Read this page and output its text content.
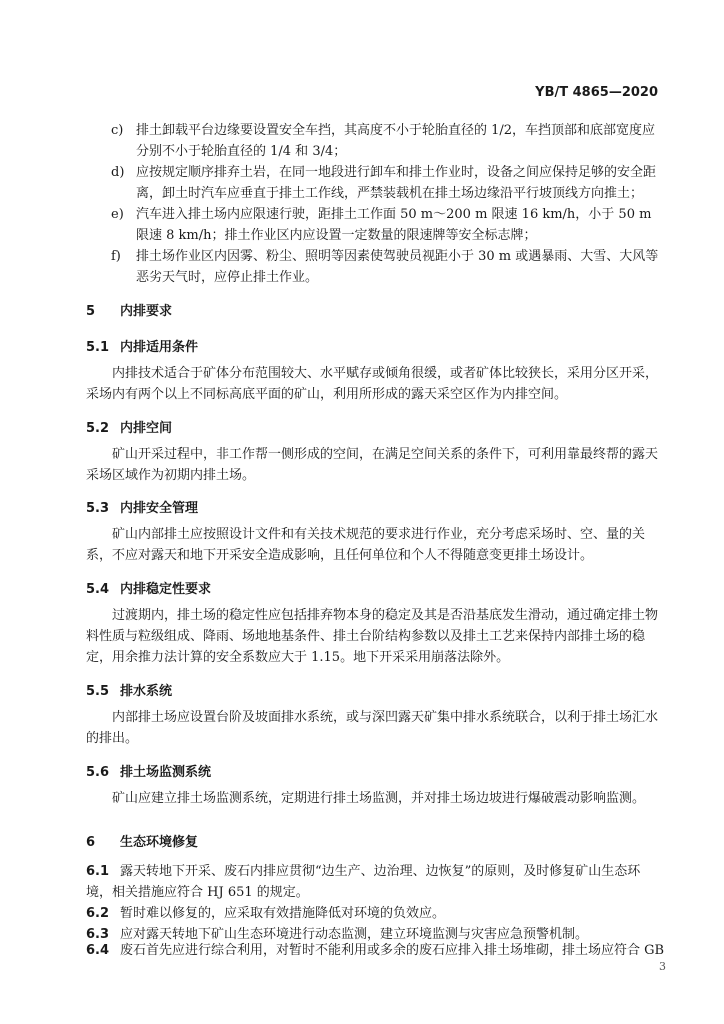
YB/T 4865—2020
c) 排土卸载平台边缘要设置安全车挡，其高度不小于轮胎直径的 1/2，车挡顶部和底部宽度应分别不小于轮胎直径的 1/4 和 3/4；
d) 应按规定顺序排弃土岩，在同一地段进行卸车和排土作业时，设备之间应保持足够的安全距离，卸土时汽车应垂直于排土工作线，严禁装载机在排土场边缘沿平行坡顶线方向推土；
e) 汽车进入排土场内应限速行驶，距排土工作面 50 m～200 m 限速 16 km/h，小于 50 m 限速 8 km/h；排土作业区内应设置一定数量的限速牌等安全标志牌；
f) 排土场作业区内因雾、粉尘、照明等因素使驾驶员视距小于 30 m 或遇暴雨、大雪、大风等恶劣天气时，应停止排土作业。
5 内排要求
5.1 内排适用条件

内排技术适合于矿体分布范围较大、水平赋存或倾角很缓，或者矿体比较狭长，采用分区开采，采场内有两个以上不同标高底平面的矿山，利用所形成的露天采空区作为内排空间。

5.2 内排空间

矿山开采过程中，非工作帮一侧形成的空间，在满足空间关系的条件下，可利用靠最终帮的露天采场区域作为初期内排土场。

5.3 内排安全管理

矿山内部排土应按照设计文件和有关技术规范的要求进行作业，充分考虑采场时、空、量的关系，不应对露天和地下开采安全造成影响，且任何单位和个人不得随意变更排土场设计。

5.4 内排稳定性要求

过渡期内，排土场的稳定性应包括排弃物本身的稳定及其是否沿基底发生滑动，通过确定排土物料性质与粒级组成、降雨、场地地基条件、排土台阶结构参数以及排土工艺来保持内部排土场的稳定，用余推力法计算的安全系数应大于 1.15。地下开采采用崩落法除外。

5.5 排水系统

内部排土场应设置台阶及坡面排水系统，或与深凹露天矿集中排水系统联合，以利于排土场汇水的排出。

5.6 排土场监测系统

矿山应建立排土场监测系统，定期进行排土场监测，并对排土场边坡进行爆破震动影响监测。

6 生态环境修复
6.1 露天转地下开采、废石内排应贯彻“边生产、边治理、边恢复”的原则，及时修复矿山生态环境，相关措施应符合 HJ 651 的规定。
6.2 暂时难以修复的，应采取有效措施降低对环境的负效应。
6.3 应对露天转地下矿山生态环境进行动态监测，建立环境监测与灾害应急预警机制。
6.4 废石首先应进行综合利用，对暂时不能利用或多余的废石应排入排土场堆砌，排土场应符合 GB
3
